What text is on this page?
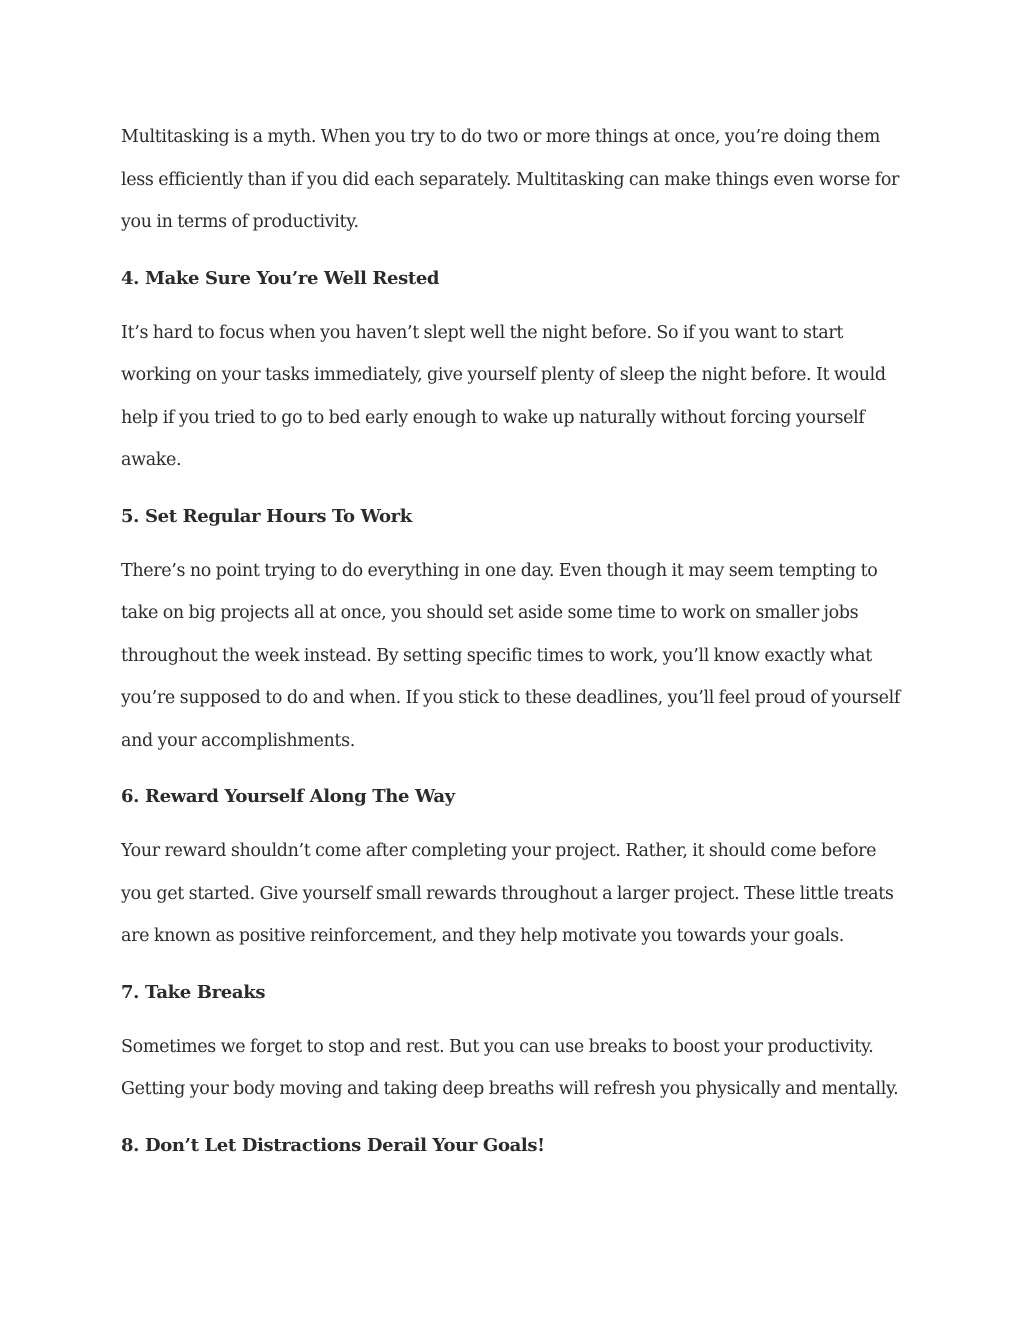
Multitasking is a myth. When you try to do two or more things at once, you’re doing them less efficiently than if you did each separately. Multitasking can make things even worse for you in terms of productivity.

4. Make Sure You’re Well Rested

It’s hard to focus when you haven’t slept well the night before. So if you want to start working on your tasks immediately, give yourself plenty of sleep the night before. It would help if you tried to go to bed early enough to wake up naturally without forcing yourself awake.

5. Set Regular Hours To Work

There’s no point trying to do everything in one day. Even though it may seem tempting to take on big projects all at once, you should set aside some time to work on smaller jobs throughout the week instead. By setting specific times to work, you’ll know exactly what you’re supposed to do and when. If you stick to these deadlines, you’ll feel proud of yourself and your accomplishments.

6. Reward Yourself Along The Way

Your reward shouldn’t come after completing your project. Rather, it should come before you get started. Give yourself small rewards throughout a larger project. These little treats are known as positive reinforcement, and they help motivate you towards your goals.

7. Take Breaks

Sometimes we forget to stop and rest. But you can use breaks to boost your productivity. Getting your body moving and taking deep breaths will refresh you physically and mentally.

8. Don’t Let Distractions Derail Your Goals!
